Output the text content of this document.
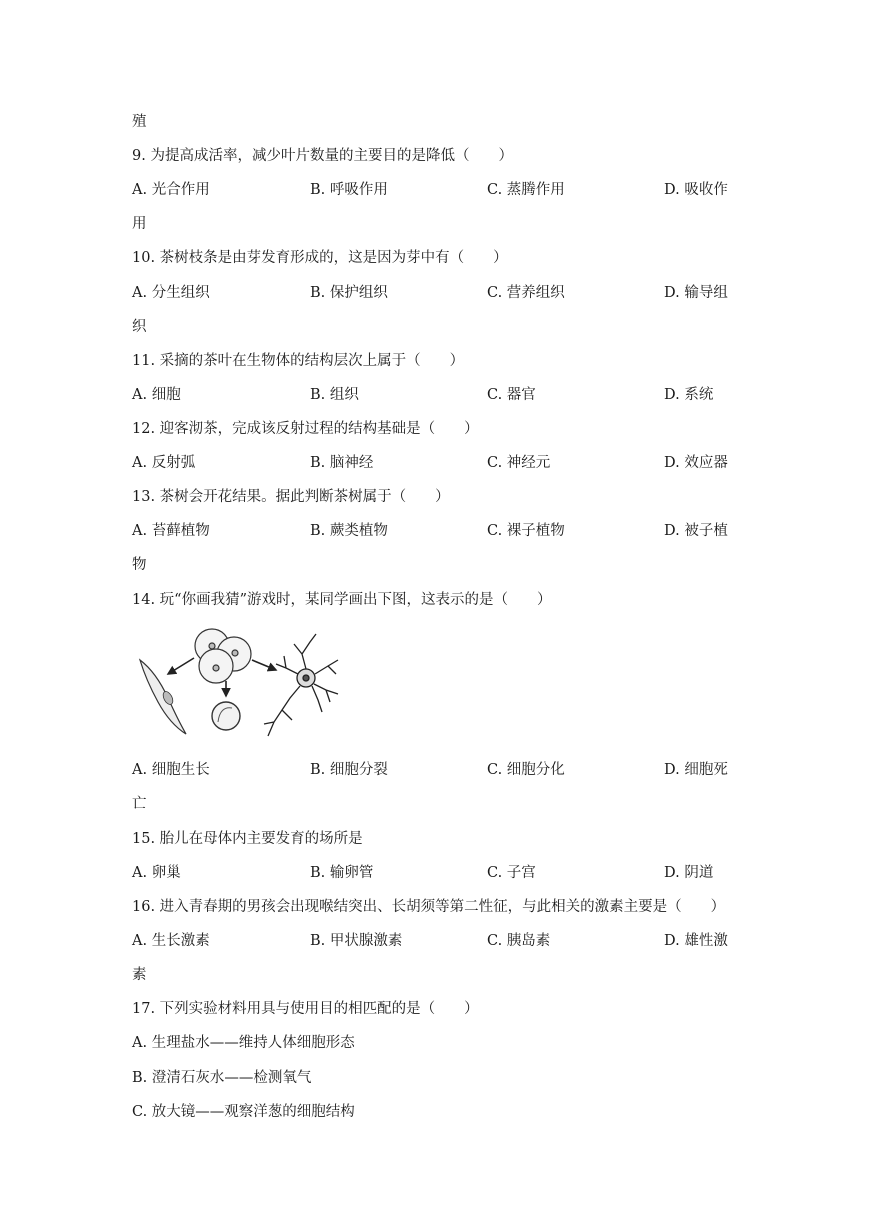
殖
9. 为提高成活率，减少叶片数量的主要目的是降低（　　）
A. 光合作用	B. 呼吸作用	C. 蒸腾作用	D. 吸收作
用
10. 茶树枝条是由芽发育形成的，这是因为芽中有（　　）
A. 分生组织	B. 保护组织	C. 营养组织	D. 输导组
织
11. 采摘的茶叶在生物体的结构层次上属于（　　）
A. 细胞	B. 组织	C. 器官	D. 系统
12. 迎客沏茶，完成该反射过程的结构基础是（　　）
A. 反射弧	B. 脑神经	C. 神经元	D. 效应器
13. 茶树会开花结果。据此判断茶树属于（　　）
A. 苔藓植物	B. 蕨类植物	C. 裸子植物	D. 被子植
物
14. 玩“你画我猜”游戏时，某同学画出下图，这表示的是（　　）
A. 细胞生长	B. 细胞分裂	C. 细胞分化	D. 细胞死
亡
15. 胎儿在母体内主要发育的场所是
A. 卵巢	B. 输卵管	C. 子宫	D. 阴道
16. 进入青春期的男孩会出现喉结突出、长胡须等第二性征，与此相关的激素主要是（　　）
A. 生长激素	B. 甲状腺激素	C. 胰岛素	D. 雄性激
素
17. 下列实验材料用具与使用目的相匹配的是（　　）
A. 生理盐水——维持人体细胞形态
B. 澄清石灰水——检测氧气
C. 放大镜——观察洋葱的细胞结构
